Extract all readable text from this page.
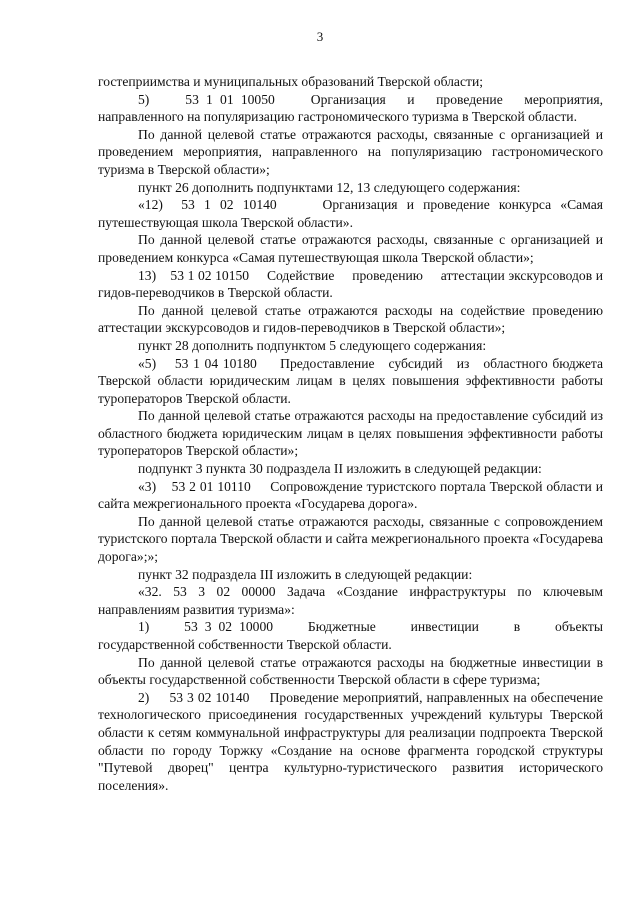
3

гостеприимства и муниципальных образований Тверской области;

5)     53 1 01 10050     Организация   и   проведение   мероприятия, направленного на популяризацию гастрономического туризма в Тверской области.

По данной целевой статье отражаются расходы, связанные с организацией и проведением мероприятия, направленного на популяризацию гастрономического туризма в Тверской области»;

пункт 26 дополнить подпунктами 12, 13 следующего содержания:

«12)  53 1 02 10140     Организация и проведение конкурса «Самая путешествующая школа Тверской области».

По данной целевой статье отражаются расходы, связанные с организацией и проведением конкурса «Самая путешествующая школа Тверской области»;

13)    53 1 02 10150     Содействие     проведению     аттестации экскурсоводов и гидов-переводчиков в Тверской области.

По данной целевой статье отражаются расходы на содействие проведению аттестации экскурсоводов и гидов-переводчиков в Тверской области»;

пункт 28 дополнить подпунктом 5 следующего содержания:

«5)    53 1 04 10180     Предоставление   субсидий   из   областного бюджета Тверской области юридическим лицам в целях повышения эффективности работы туроператоров Тверской области.

По данной целевой статье отражаются расходы на предоставление субсидий из областного бюджета юридическим лицам в целях повышения эффективности работы туроператоров Тверской области»;

подпункт 3 пункта 30 подраздела II изложить в следующей редакции:

«3)    53 2 01 10110     Сопровождение туристского портала Тверской области и сайта межрегионального проекта «Государева дорога».

По данной целевой статье отражаются расходы, связанные с сопровождением туристского портала Тверской области и сайта межрегионального проекта «Государева дорога»;»;

пункт 32 подраздела III изложить в следующей редакции:

«32. 53 3 02 00000 Задача «Создание инфраструктуры по ключевым направлениям развития туризма»:

1)     53 3 02 10000     Бюджетные     инвестиции     в     объекты государственной собственности Тверской области.

По данной целевой статье отражаются расходы на бюджетные инвестиции в объекты государственной собственности Тверской области в сфере туризма;

2)     53 3 02 10140     Проведение мероприятий, направленных на обеспечение технологического присоединения государственных учреждений культуры Тверской области к сетям коммунальной инфраструктуры для реализации подпроекта Тверской области по городу Торжку «Создание на основе фрагмента городской структуры "Путевой дворец" центра культурно-туристического развития исторического поселения».
